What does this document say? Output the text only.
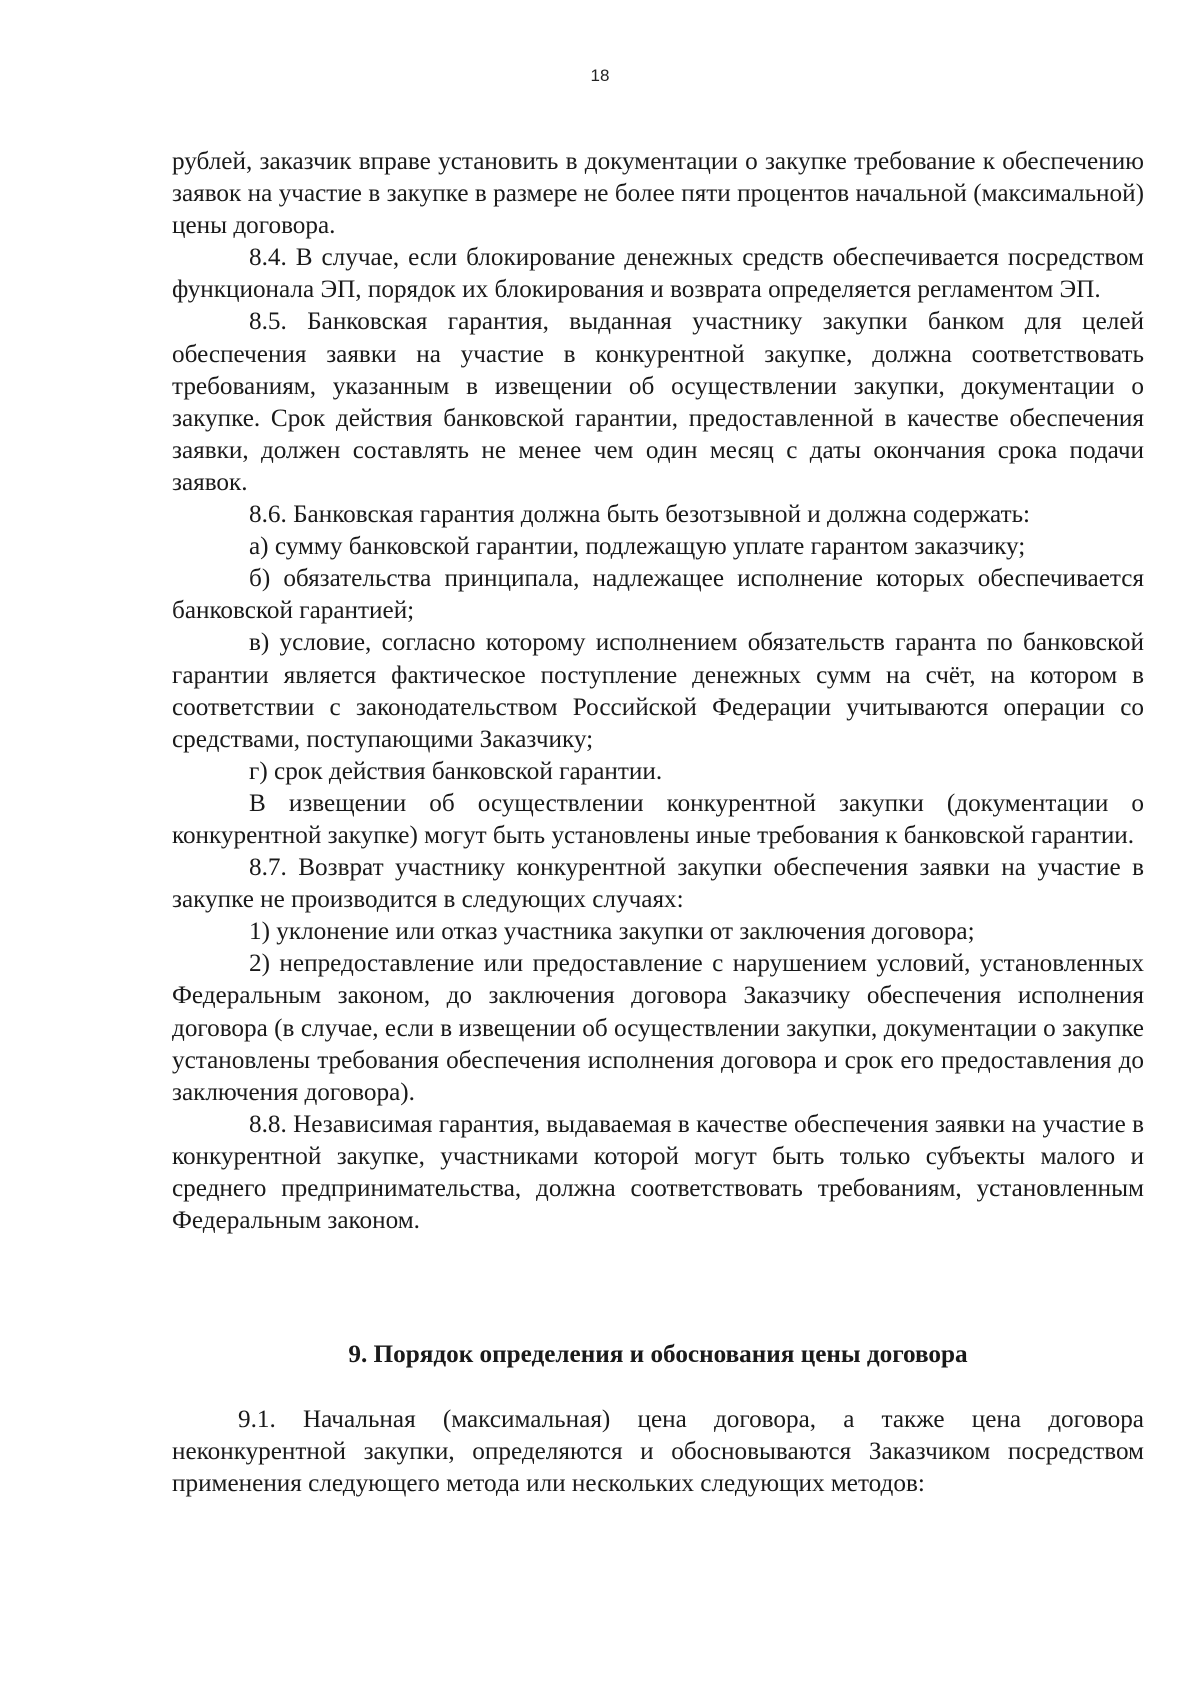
18

рублей, заказчик вправе установить в документации о закупке требование к обеспечению заявок на участие в закупке в размере не более пяти процентов начальной (максимальной) цены договора.

8.4. В случае, если блокирование денежных средств обеспечивается посредством функционала ЭП, порядок их блокирования и возврата определяется регламентом ЭП.

8.5. Банковская гарантия, выданная участнику закупки банком для целей обеспечения заявки на участие в конкурентной закупке, должна соответствовать требованиям, указанным в извещении об осуществлении закупки, документации о закупке. Срок действия банковской гарантии, предоставленной в качестве обеспечения заявки, должен составлять не менее чем один месяц с даты окончания срока подачи заявок.

8.6. Банковская гарантия должна быть безотзывной и должна содержать:

а) сумму банковской гарантии, подлежащую уплате гарантом заказчику;

б) обязательства принципала, надлежащее исполнение которых обеспечивается банковской гарантией;

в) условие, согласно которому исполнением обязательств гаранта по банковской гарантии является фактическое поступление денежных сумм на счёт, на котором в соответствии с законодательством Российской Федерации учитываются операции со средствами, поступающими Заказчику;

г) срок действия банковской гарантии.

В извещении об осуществлении конкурентной закупки (документации о конкурентной закупке) могут быть установлены иные требования к банковской гарантии.

8.7. Возврат участнику конкурентной закупки обеспечения заявки на участие в закупке не производится в следующих случаях:

1) уклонение или отказ участника закупки от заключения договора;

2) непредоставление или предоставление с нарушением условий, установленных Федеральным законом, до заключения договора Заказчику обеспечения исполнения договора (в случае, если в извещении об осуществлении закупки, документации о закупке установлены требования обеспечения исполнения договора и срок его предоставления до заключения договора).

8.8. Независимая гарантия, выдаваемая в качестве обеспечения заявки на участие в конкурентной закупке, участниками которой могут быть только субъекты малого и среднего предпринимательства, должна соответствовать требованиям, установленным Федеральным законом.

9. Порядок определения и обоснования цены договора

9.1. Начальная (максимальная) цена договора, а также цена договора неконкурентной закупки, определяются и обосновываются Заказчиком посредством применения следующего метода или нескольких следующих методов:
